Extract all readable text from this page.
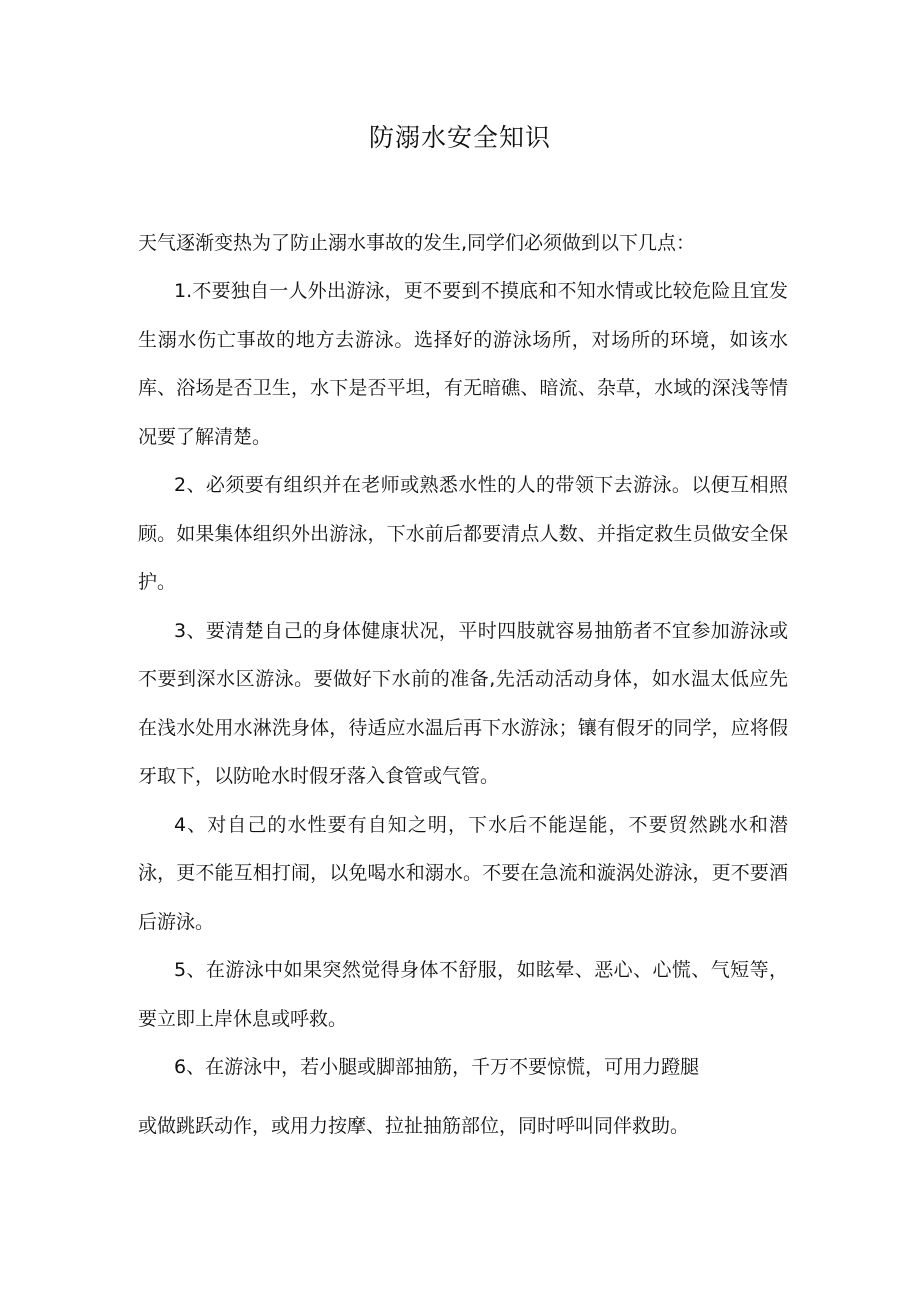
防溺水安全知识
天气逐渐变热为了防止溺水事故的发生,同学们必须做到以下几点：

1.不要独自一人外出游泳，更不要到不摸底和不知水情或比较危险且宜发生溺水伤亡事故的地方去游泳。选择好的游泳场所，对场所的环境，如该水库、浴场是否卫生，水下是否平坦，有无暗礁、暗流、杂草，水域的深浅等情况要了解清楚。

2、必须要有组织并在老师或熟悉水性的人的带领下去游泳。以便互相照顾。如果集体组织外出游泳，下水前后都要清点人数、并指定救生员做安全保护。

3、要清楚自己的身体健康状况，平时四肢就容易抽筋者不宜参加游泳或不要到深水区游泳。要做好下水前的准备,先活动活动身体，如水温太低应先在浅水处用水淋洗身体，待适应水温后再下水游泳；镶有假牙的同学，应将假牙取下，以防呛水时假牙落入食管或气管。

4、对自己的水性要有自知之明，下水后不能逞能，不要贸然跳水和潜泳，更不能互相打闹，以免喝水和溺水。不要在急流和漩涡处游泳，更不要酒后游泳。

5、在游泳中如果突然觉得身体不舒服，如眩晕、恶心、心慌、气短等，要立即上岸休息或呼救。

6、在游泳中，若小腿或脚部抽筋，千万不要惊慌，可用力蹬腿

或做跳跃动作，或用力按摩、拉扯抽筋部位，同时呼叫同伴救助。
